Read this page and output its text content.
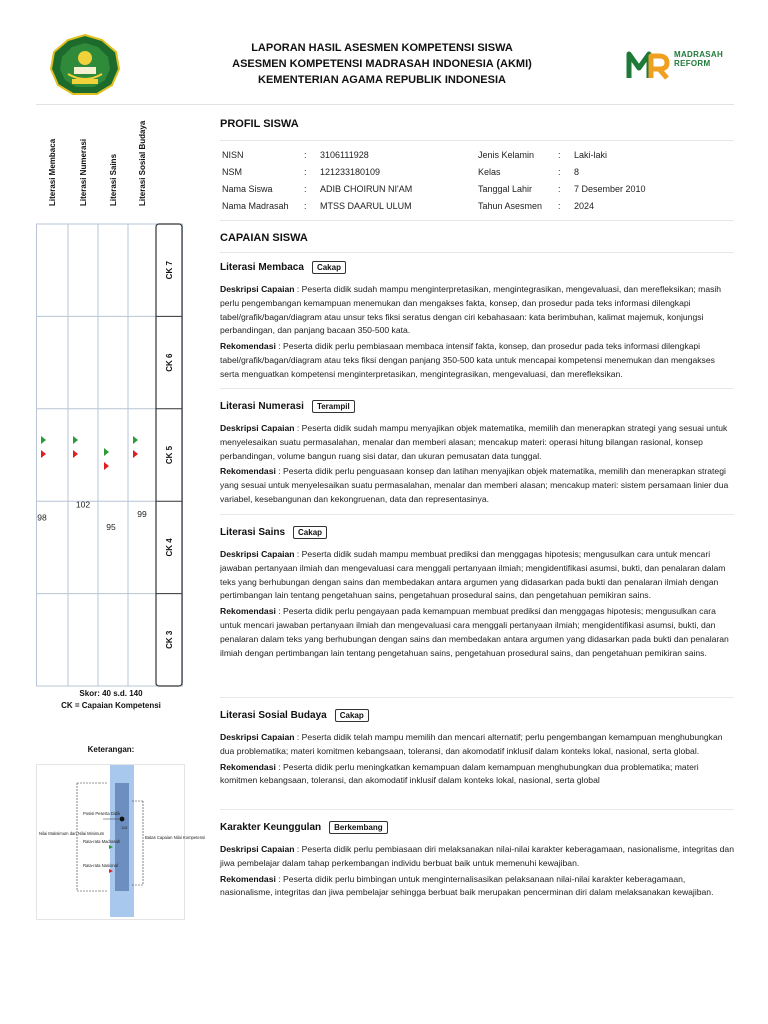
LAPORAN HASIL ASESMEN KOMPETENSI SISWA
ASESMEN KOMPETENSI MADRASAH INDONESIA (AKMI)
KEMENTERIAN AGAMA REPUBLIK INDONESIA
MADRASAH
REFORM
Literasi Membaca	Literasi Numerasi	Literasi Sains	Literasi Sosial Budaya
CK 7
CK 6
CK 5
CK 4
CK 3
98
102
95
99
Skor: 40 s.d. 140
CK = Capaian Kompetensi
Keterangan:
115
Posisi Peserta Didik
Rata-rata Madrasah
Rata-rata Nasional
Nilai Maksimum dan Nilai Minimum
Batas Capaian Nilai Kompetensi
PROFIL SISWA
NISN	: 3106111928
NSM	: 121233180109
Nama Siswa	: ADIB CHOIRUN NI'AM
Nama Madrasah : MTSS DAARUL ULUM
Jenis Kelamin	: Laki-laki
Kelas	: 8
Tanggal Lahir	: 7 Desember 2010
Tahun Asesmen : 2024
CAPAIAN SISWA
Literasi Membaca	Cakap
Deskripsi Capaian : Peserta didik sudah mampu menginterpretasikan, mengintegrasikan, mengevaluasi, dan merefleksikan; masih perlu pengembangan kemampuan menemukan dan mengakses fakta, konsep, dan prosedur pada teks informasi dilengkapi tabel/grafik/bagan/diagram atau unsur teks fiksi seratus dengan ciri kebahasaan: kata berimbuhan, kalimat majemuk, konjungsi perbandingan, dan panjang bacaan 350-500 kata.
Rekomendasi : Peserta didik perlu pembiasaan membaca intensif fakta, konsep, dan prosedur pada teks informasi dilengkapi tabel/grafik/bagan/diagram atau teks fiksi dengan panjang 350-500 kata untuk mencapai kompetensi menemukan dan mengakses serta menguatkan kompetensi menginterpretasikan, mengintegrasikan, mengevaluasi, dan merefleksikan.
Literasi Numerasi	Terampil
Deskripsi Capaian : Peserta didik sudah mampu menyajikan objek matematika, memilih dan menerapkan strategi yang sesuai untuk menyelesaikan suatu permasalahan, menalar dan memberi alasan; mencakup materi: operasi hitung bilangan rasional, konsep perbandingan, volume bangun ruang sisi datar, dan ukuran pemusatan data tunggal.
Rekomendasi : Peserta didik perlu penguasaan konsep dan latihan menyajikan objek matematika, memilih dan menerapkan strategi yang sesuai untuk menyelesaikan suatu permasalahan, menalar dan memberi alasan; mencakup materi: sistem persamaan linier dua variabel, kesebangunan dan kekongruenan, data dan representasinya.
Literasi Sains	Cakap
Deskripsi Capaian : Peserta didik sudah mampu membuat prediksi dan menggagas hipotesis; mengusulkan cara untuk mencari jawaban pertanyaan ilmiah dan mengevaluasi cara menggali pertanyaan ilmiah; mengidentifikasi asumsi, bukti, dan penalaran dalam teks yang berhubungan dengan sains dan membedakan antara argumen yang didasarkan pada bukti dan penalaran ilmiah dengan pertimbangan lain tentang pengetahuan sains, pengetahuan prosedural sains, dan pengetahuan pemikiran sains.
Rekomendasi : Peserta didik perlu pengayaan pada kemampuan membuat prediksi dan menggagas hipotesis; mengusulkan cara untuk mencari jawaban pertanyaan ilmiah dan mengevaluasi cara menggali pertanyaan ilmiah; mengidentifikasi asumsi, bukti, dan penalaran dalam teks yang berhubungan dengan sains dan membedakan antara argumen yang didasarkan pada bukti dan penalaran ilmiah dengan pertimbangan lain tentang pengetahuan sains, pengetahuan prosedural sains, dan pengetahuan pemikiran sains.
Literasi Sosial Budaya	Cakap
Deskripsi Capaian : Peserta didik telah mampu memilih dan mencari alternatif; perlu pengembangan kemampuan menghubungkan dua problematika; materi komitmen kebangsaan, toleransi, dan akomodatif inklusif dalam konteks lokal, nasional, serta global.
Rekomendasi : Peserta didik perlu meningkatkan kemampuan dalam kemampuan menghubungkan dua problematika; materi komitmen kebangsaan, toleransi, dan akomodatif inklusif dalam konteks lokal, nasional, serta global
Karakter Keunggulan	Berkembang
Deskripsi Capaian : Peserta didik perlu pembiasaan diri melaksanakan nilai-nilai karakter keberagamaan, nasionalisme, integritas dan jiwa pembelajar dalam tahap perkembangan individu berbuat baik untuk memenuhi kewajiban.
Rekomendasi : Peserta didik perlu bimbingan untuk menginternalisasikan pelaksanaan nilai-nilai karakter keberagamaan, nasionalisme, integritas dan jiwa pembelajar sehingga berbuat baik merupakan pencerminan diri dalam melaksanakan kewajiban.
